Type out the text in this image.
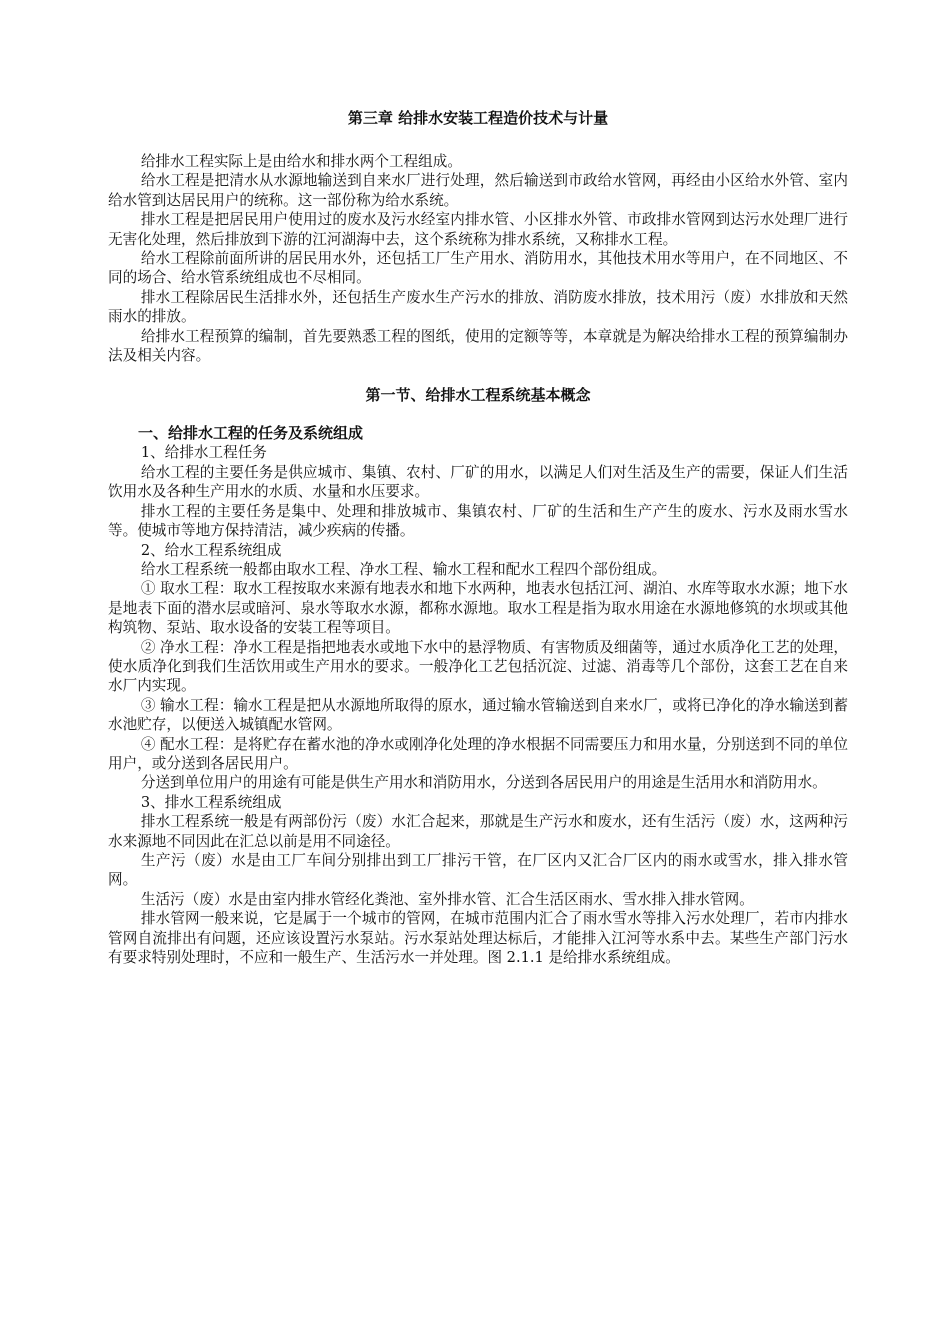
第三章 给排水安装工程造价技术与计量

给排水工程实际上是由给水和排水两个工程组成。

给水工程是把清水从水源地输送到自来水厂进行处理，然后输送到市政给水管网，再经由小区给水外管、室内给水管到达居民用户的统称。这一部份称为给水系统。

排水工程是把居民用户使用过的废水及污水经室内排水管、小区排水外管、市政排水管网到达污水处理厂进行无害化处理，然后排放到下游的江河湖海中去，这个系统称为排水系统，又称排水工程。

给水工程除前面所讲的居民用水外，还包括工厂生产用水、消防用水，其他技术用水等用户，在不同地区、不同的场合、给水管系统组成也不尽相同。

排水工程除居民生活排水外，还包括生产废水生产污水的排放、消防废水排放，技术用污（废）水排放和天然雨水的排放。

给排水工程预算的编制，首先要熟悉工程的图纸，使用的定额等等，本章就是为解决给排水工程的预算编制办法及相关内容。

第一节、给排水工程系统基本概念
一、给排水工程的任务及系统组成

1、给排水工程任务

给水工程的主要任务是供应城市、集镇、农村、厂矿的用水，以满足人们对生活及生产的需要，保证人们生活饮用水及各种生产用水的水质、水量和水压要求。

排水工程的主要任务是集中、处理和排放城市、集镇农村、厂矿的生活和生产产生的废水、污水及雨水雪水等。使城市等地方保持清洁，减少疾病的传播。

2、给水工程系统组成

给水工程系统一般都由取水工程、净水工程、输水工程和配水工程四个部份组成。

① 取水工程：取水工程按取水来源有地表水和地下水两种，地表水包括江河、湖泊、水库等取水水源；地下水是地表下面的潜水层或暗河、泉水等取水水源，都称水源地。取水工程是指为取水用途在水源地修筑的水坝或其他构筑物、泵站、取水设备的安装工程等项目。

② 净水工程：净水工程是指把地表水或地下水中的悬浮物质、有害物质及细菌等，通过水质净化工艺的处理，使水质净化到我们生活饮用或生产用水的要求。一般净化工艺包括沉淀、过滤、消毒等几个部份，这套工艺在自来水厂内实现。

③ 输水工程：输水工程是把从水源地所取得的原水，通过输水管输送到自来水厂，或将已净化的净水输送到蓄水池贮存，以便送入城镇配水管网。

④ 配水工程：是将贮存在蓄水池的净水或刚净化处理的净水根据不同需要压力和用水量，分别送到不同的单位用户，或分送到各居民用户。

分送到单位用户的用途有可能是供生产用水和消防用水，分送到各居民用户的用途是生活用水和消防用水。

3、排水工程系统组成

排水工程系统一般是有两部份污（废）水汇合起来，那就是生产污水和废水，还有生活污（废）水，这两种污水来源地不同因此在汇总以前是用不同途径。

生产污（废）水是由工厂车间分别排出到工厂排污干管，在厂区内又汇合厂区内的雨水或雪水，排入排水管网。

生活污（废）水是由室内排水管经化粪池、室外排水管、汇合生活区雨水、雪水排入排水管网。

排水管网一般来说，它是属于一个城市的管网，在城市范围内汇合了雨水雪水等排入污水处理厂，若市内排水管网自流排出有问题，还应该设置污水泵站。污水泵站处理达标后，才能排入江河等水系中去。某些生产部门污水有要求特别处理时，不应和一般生产、生活污水一并处理。图 2.1.1 是给排水系统组成。
